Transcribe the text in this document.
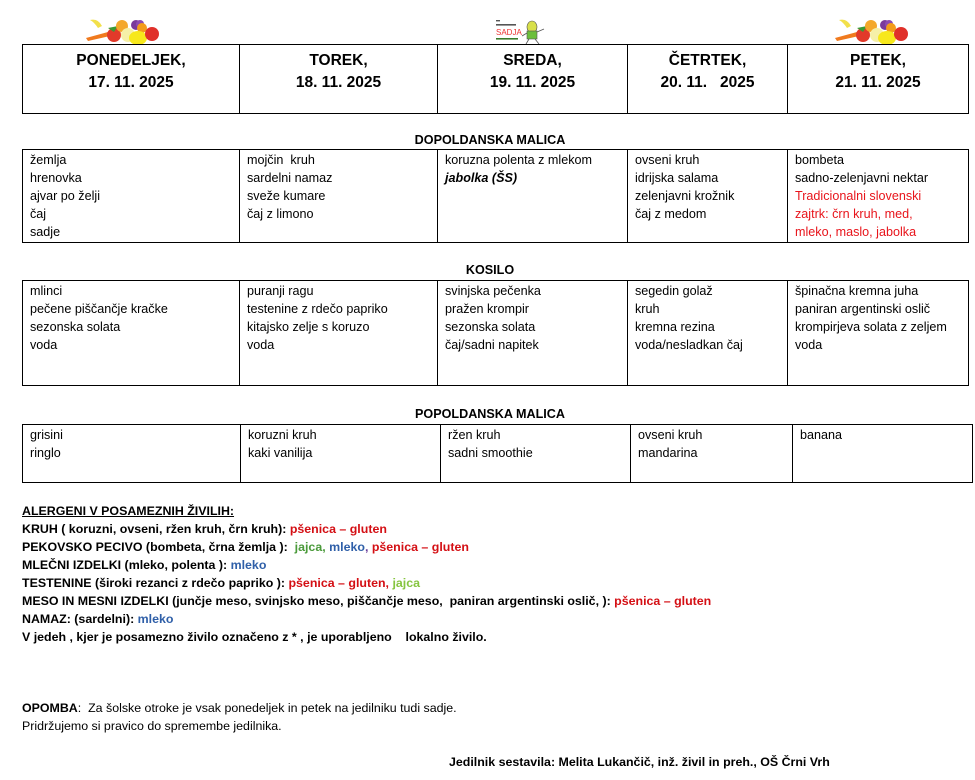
SADJA
PONEDELJEK,
17. 11. 2025

TOREK,
18. 11. 2025

SREDA,
19. 11. 2025

ČETRTEK,
20. 11.   2025

PETEK,
21. 11. 2025
DOPOLDANSKA MALICA
žemlja
hrenovka
ajvar po želji
čaj
sadje

mojčin  kruh
sardelni namaz
sveže kumare
čaj z limono

koruzna polenta z mlekom
jabolka (ŠS)

ovseni kruh
idrijska salama
zelenjavni krožnik
čaj z medom

bombeta
sadno-zelenjavni nektar
Tradicionalni slovenski
zajtrk: črn kruh, med,
mleko, maslo, jabolka
KOSILO
mlinci
pečene piščančje kračke
sezonska solata
voda

puranji ragu
testenine z rdečo papriko
kitajsko zelje s koruzo
voda

svinjska pečenka
pražen krompir
sezonska solata
čaj/sadni napitek

segedin golaž
kruh
kremna rezina
voda/nesladkan čaj

špinačna kremna juha
paniran argentinski oslič
krompirjeva solata z zeljem
voda
POPOLDANSKA MALICA
grisini
ringlo

koruzni kruh
kaki vanilija

ržen kruh
sadni smoothie

ovseni kruh
mandarina

banana
ALERGENI V POSAMEZNIH ŽIVILIH:
KRUH ( koruzni, ovseni, ržen kruh, črn kruh): pšenica – gluten
PEKOVSKO PECIVO (bombeta, črna žemlja ):  jajca, mleko, pšenica – gluten
MLEČNI IZDELKI (mleko, polenta ): mleko
TESTENINE (široki rezanci z rdečo papriko ): pšenica – gluten, jajca
MESO IN MESNI IZDELKI (junčje meso, svinjsko meso, piščančje meso,  paniran argentinski oslič, ): pšenica – gluten
NAMAZ: (sardelni): mleko
V jedeh , kjer je posamezno živilo označeno z * , je uporabljeno    lokalno živilo.
OPOMBA:  Za šolske otroke je vsak ponedeljek in petek na jedilniku tudi sadje.
Pridržujemo si pravico do spremembe jedilnika.
Jedilnik sestavila: Melita Lukančič, inž. živil in preh., OŠ Črni Vrh
